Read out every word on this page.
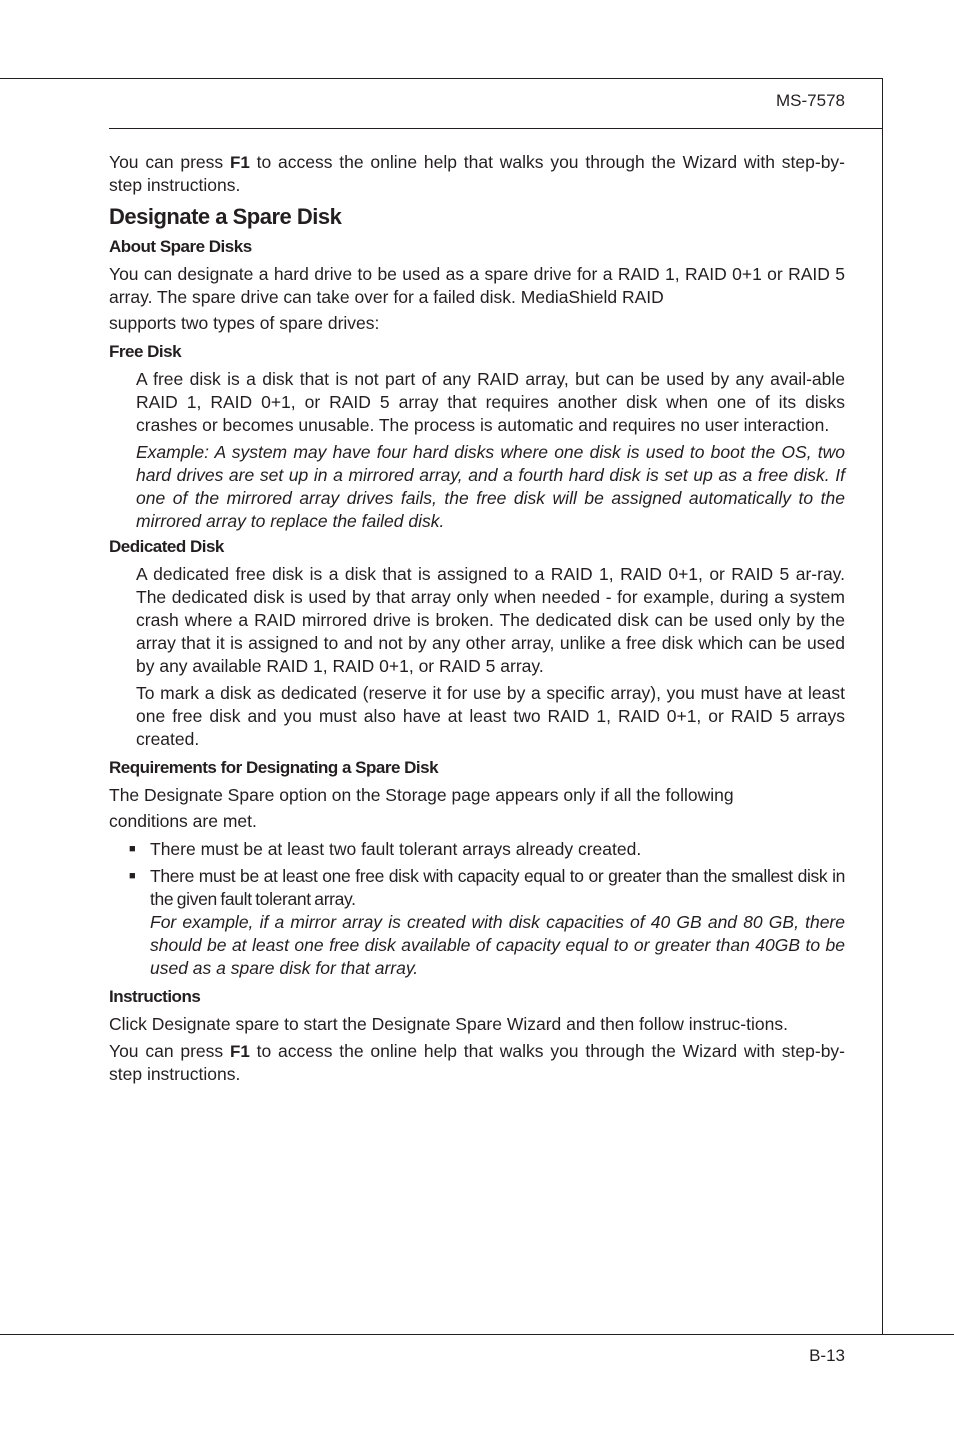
MS-7578
B-13

You can press F1 to access the online help that walks you through the Wizard with step-by-step instructions.

Designate a Spare Disk
About Spare Disks

You can designate a hard drive to be used as a spare drive for a RAID 1, RAID 0+1 or RAID 5 array. The spare drive can take over for a failed disk. MediaShield RAID

supports two types of spare drives:

Free Disk

A free disk is a disk that is not part of any RAID array, but can be used by any avail-able RAID 1, RAID 0+1, or RAID 5 array that requires another disk when one of its disks crashes or becomes unusable. The process is automatic and requires no user interaction.

Example: A system may have four hard disks where one disk is used to boot the OS, two hard drives are set up in a mirrored array, and a fourth hard disk is set up as a free disk. If one of the mirrored array drives fails, the free disk will be assigned automatically to the mirrored array to replace the failed disk.

Dedicated Disk

A dedicated free disk is a disk that is assigned to a RAID 1, RAID 0+1, or RAID 5 ar-ray. The dedicated disk is used by that array only when needed - for example, during a system crash where a RAID mirrored drive is broken. The dedicated disk can be used only by the array that it is assigned to and not by any other array, unlike a free disk which can be used by any available RAID 1, RAID 0+1, or RAID 5 array.

To mark a disk as dedicated (reserve it for use by a specific array), you must have at least one free disk and you must also have at least two RAID 1, RAID 0+1, or RAID 5 arrays created.

Requirements for Designating a Spare Disk

The Designate Spare option on the Storage page appears only if all the following

conditions are met.

■ There must be at least two fault tolerant arrays already created.
■ There must be at least one free disk with capacity equal to or greater than the smallest disk in the given fault tolerant array.
For example, if a mirror array is created with disk capacities of 40 GB and 80 GB, there should be at least one free disk available of capacity equal to or greater than 40GB to be used as a spare disk for that array.
Instructions

Click Designate spare to start the Designate Spare Wizard and then follow instruc-tions.

You can press F1 to access the online help that walks you through the Wizard with step-by-step instructions.
